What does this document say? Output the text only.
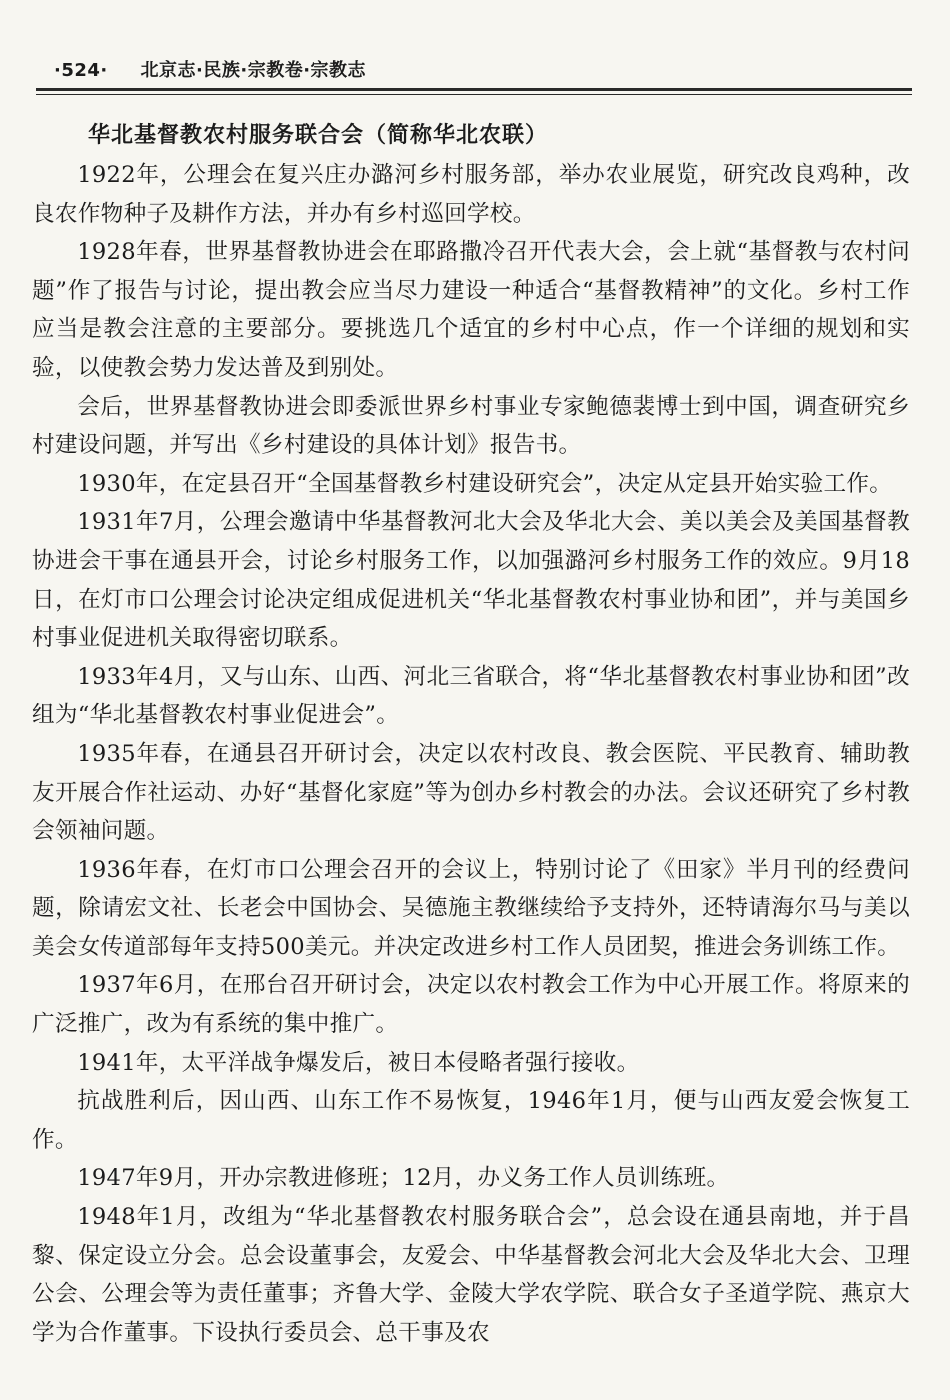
·524· 北京志·民族·宗教卷·宗教志
华北基督教农村服务联合会（简称华北农联）

1922年，公理会在复兴庄办潞河乡村服务部，举办农业展览，研究改良鸡种，改良农作物种子及耕作方法，并办有乡村巡回学校。

1928年春，世界基督教协进会在耶路撒冷召开代表大会，会上就“基督教与农村问题”作了报告与讨论，提出教会应当尽力建设一种适合“基督教精神”的文化。乡村工作应当是教会注意的主要部分。要挑选几个适宜的乡村中心点，作一个详细的规划和实验，以使教会势力发达普及到别处。

会后，世界基督教协进会即委派世界乡村事业专家鲍德裴博士到中国，调查研究乡村建设问题，并写出《乡村建设的具体计划》报告书。

1930年，在定县召开“全国基督教乡村建设研究会”，决定从定县开始实验工作。

1931年7月，公理会邀请中华基督教河北大会及华北大会、美以美会及美国基督教协进会干事在通县开会，讨论乡村服务工作，以加强潞河乡村服务工作的效应。9月18日，在灯市口公理会讨论决定组成促进机关“华北基督教农村事业协和团”，并与美国乡村事业促进机关取得密切联系。

1933年4月，又与山东、山西、河北三省联合，将“华北基督教农村事业协和团”改组为“华北基督教农村事业促进会”。

1935年春，在通县召开研讨会，决定以农村改良、教会医院、平民教育、辅助教友开展合作社运动、办好“基督化家庭”等为创办乡村教会的办法。会议还研究了乡村教会领袖问题。

1936年春，在灯市口公理会召开的会议上，特别讨论了《田家》半月刊的经费问题，除请宏文社、长老会中国协会、吴德施主教继续给予支持外，还特请海尔马与美以美会女传道部每年支持500美元。并决定改进乡村工作人员团契，推进会务训练工作。

1937年6月，在邢台召开研讨会，决定以农村教会工作为中心开展工作。将原来的广泛推广，改为有系统的集中推广。

1941年，太平洋战争爆发后，被日本侵略者强行接收。

抗战胜利后，因山西、山东工作不易恢复，1946年1月，便与山西友爱会恢复工作。

1947年9月，开办宗教进修班；12月，办义务工作人员训练班。

1948年1月，改组为“华北基督教农村服务联合会”，总会设在通县南地，并于昌黎、保定设立分会。总会设董事会，友爱会、中华基督教会河北大会及华北大会、卫理公会、公理会等为责任董事；齐鲁大学、金陵大学农学院、联合女子圣道学院、燕京大学为合作董事。下设执行委员会、总干事及农
